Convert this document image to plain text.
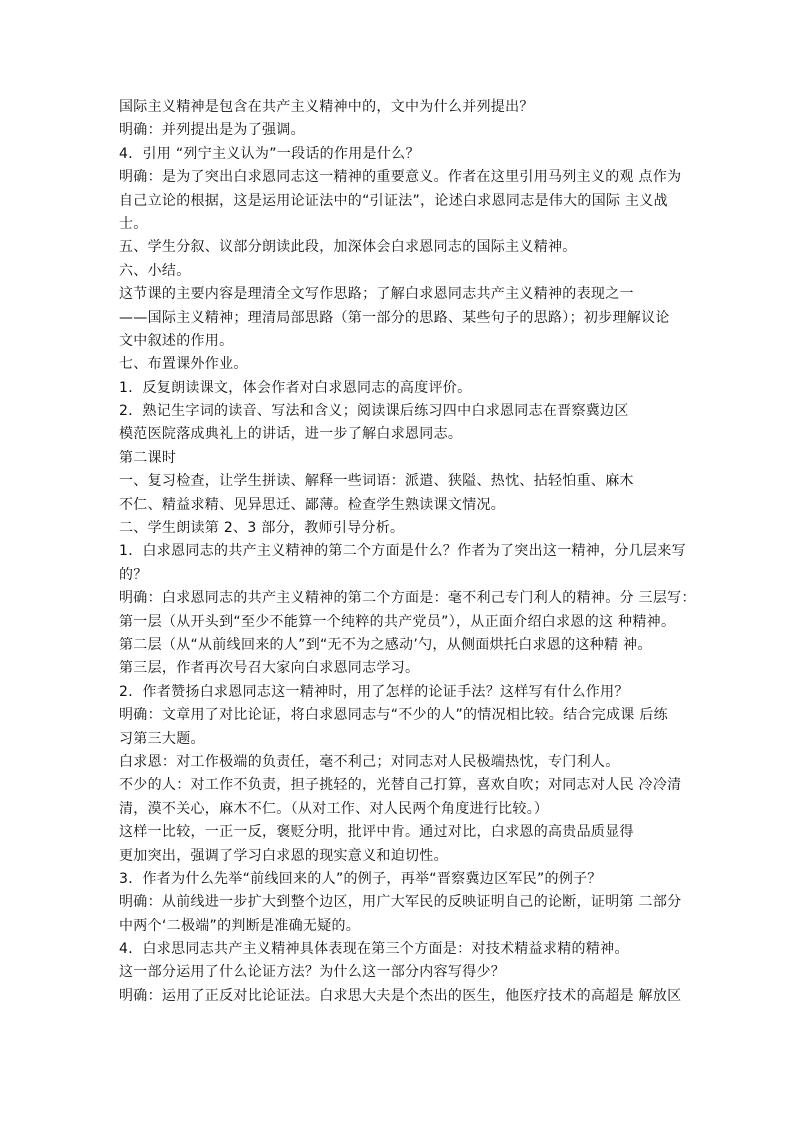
国际主义精神是包含在共产主义精神中的，文中为什么并列提出？
明确：并列提出是为了强调。
4．引用 “列宁主义认为”一段话的作用是什么？
明确：是为了突出白求恩同志这一精神的重要意义。作者在这里引用马列主义的观 点作为
自己立论的根据，这是运用论证法中的“引证法”，论述白求恩同志是伟大的国际 主义战
士。
五、学生分叙、议部分朗读此段，加深体会白求恩同志的国际主义精神。
六、小结。
这节课的主要内容是理清全文写作思路；了解白求恩同志共产主义精神的表现之一
——国际主义精神；理清局部思路（第一部分的思路、某些句子的思路）；初步理解议论
文中叙述的作用。
七、布置课外作业。
1．反复朗读课文，体会作者对白求恩同志的高度评价。
2．熟记生字词的读音、写法和含义；阅读课后练习四中白求恩同志在晋察冀边区
模范医院落成典礼上的讲话，进一步了解白求恩同志。
第二课时
一、复习检查，让学生拼读、解释一些词语：派遣、狭隘、热忱、拈轻怕重、麻木
不仁、精益求精、见异思迁、鄙薄。检查学生熟读课文情况。
二、学生朗读第 2、3 部分，教师引导分析。
1．白求恩同志的共产主义精神的第二个方面是什么？作者为了突出这一精神，分几层来写
的？
明确：白求恩同志的共产主义精神的第二个方面是：毫不利己专门利人的精神。分 三层写：
第一层（从开头到“至少不能算一个纯粹的共产党员”），从正面介绍白求恩的这 种精神。
第二层（从“从前线回来的人”到“无不为之感动’勺，从侧面烘托白求恩的这种精 神。
第三层，作者再次号召大家向白求恩同志学习。
2．作者赞扬白求恩同志这一精神时，用了怎样的论证手法？这样写有什么作用？
明确：文章用了对比论证，将白求恩同志与“不少的人”的情况相比较。结合完成课 后练
习第三大题。
白求恩：对工作极端的负责任，毫不利己；对同志对人民极端热忱，专门利人。
不少的人：对工作不负责，担子挑轻的，光替自己打算，喜欢自吹；对同志对人民 冷冷清
清，漠不关心，麻木不仁。（从对工作、对人民两个角度进行比较。）
这样一比较，一正一反，褒贬分明，批评中肯。通过对比，白求恩的高贵品质显得
更加突出，强调了学习白求恩的现实意义和迫切性。
3．作者为什么先举“前线回来的人”的例子，再举“晋察冀边区军民”的例子？
明确：从前线进一步扩大到整个边区，用广大军民的反映证明自己的论断，证明第 二部分
中两个‘二极端”的判断是准确无疑的。
4．白求思同志共产主义精神具体表现在第三个方面是：对技术精益求精的精神。
这一部分运用了什么论证方法？为什么这一部分内容写得少？
明确：运用了正反对比论证法。白求思大夫是个杰出的医生，他医疗技术的高超是 解放区
